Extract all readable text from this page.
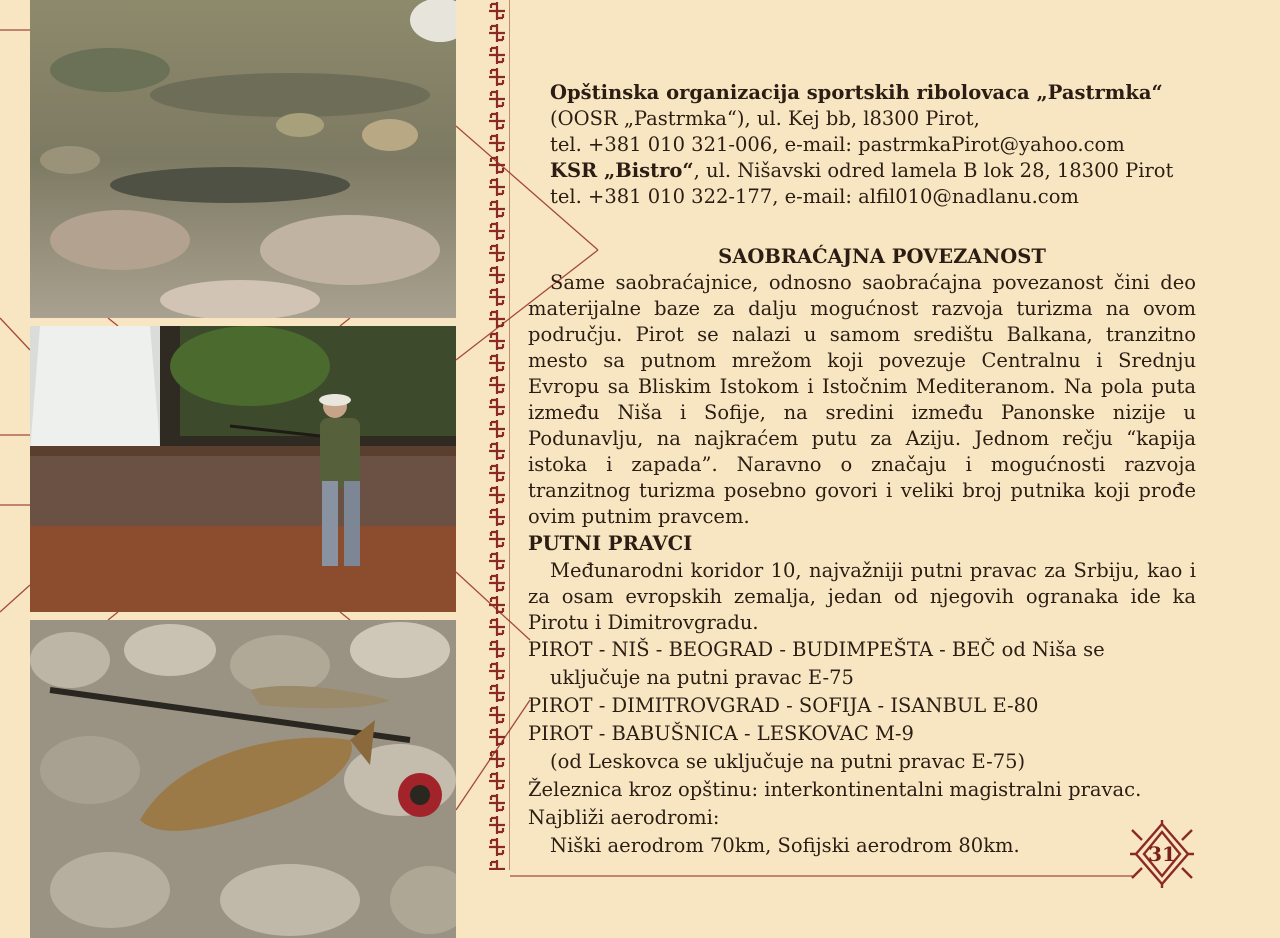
Opštinska organizacija sportskih ribolovaca „Pastrmka“

(OOSR „Pastrmka“), ul. Kej bb, l8300 Pirot,

tel. +381 010 321-006, e-mail: pastrmkaPirot@yahoo.com

KSR „Bistro“, ul. Nišavski odred lamela B lok 28, 18300 Pirot

tel. +381 010 322-177, e-mail: alfil010@nadlanu.com

SAOBRAĆAJNA POVEZANOST

Same saobraćajnice, odnosno saobraćajna povezanost čini deo materijalne baze za dalju mogućnost razvoja turizma na ovom području. Pirot se nalazi u samom središtu Balkana, tranzitno mesto sa putnom mrežom koji povezuje Centralnu i Srednju Evropu sa Bliskim Istokom i Istočnim Mediteranom. Na pola puta između Niša i Sofije, na sredini između Panonske nizije u Podunavlju, na najkraćem putu za Aziju. Jednom rečju “kapija istoka i zapada”. Naravno o značaju i mogućnosti razvoja tranzitnog turizma posebno govori i veliki broj putnika koji prođe ovim putnim pravcem.

PUTNI PRAVCI

Međunarodni koridor 10, najvažniji putni pravac za Srbiju, kao i za osam evropskih zemalja, jedan od njegovih ogranaka ide ka Pirotu i Dimitrovgradu.

PIROT - NIŠ - BEOGRAD - BUDIMPEŠTA - BEČ od Niša se

uključuje na putni pravac E-75

PIROT - DIMITROVGRAD - SOFIJA - ISANBUL E-80

PIROT - BABUŠNICA - LESKOVAC M-9

(od Leskovca se uključuje na putni pravac E-75)

Železnica kroz opštinu: interkontinentalni magistralni pravac.

Najbliži aerodromi:

Niški aerodrom 70km, Sofijski aerodrom 80km.	31
